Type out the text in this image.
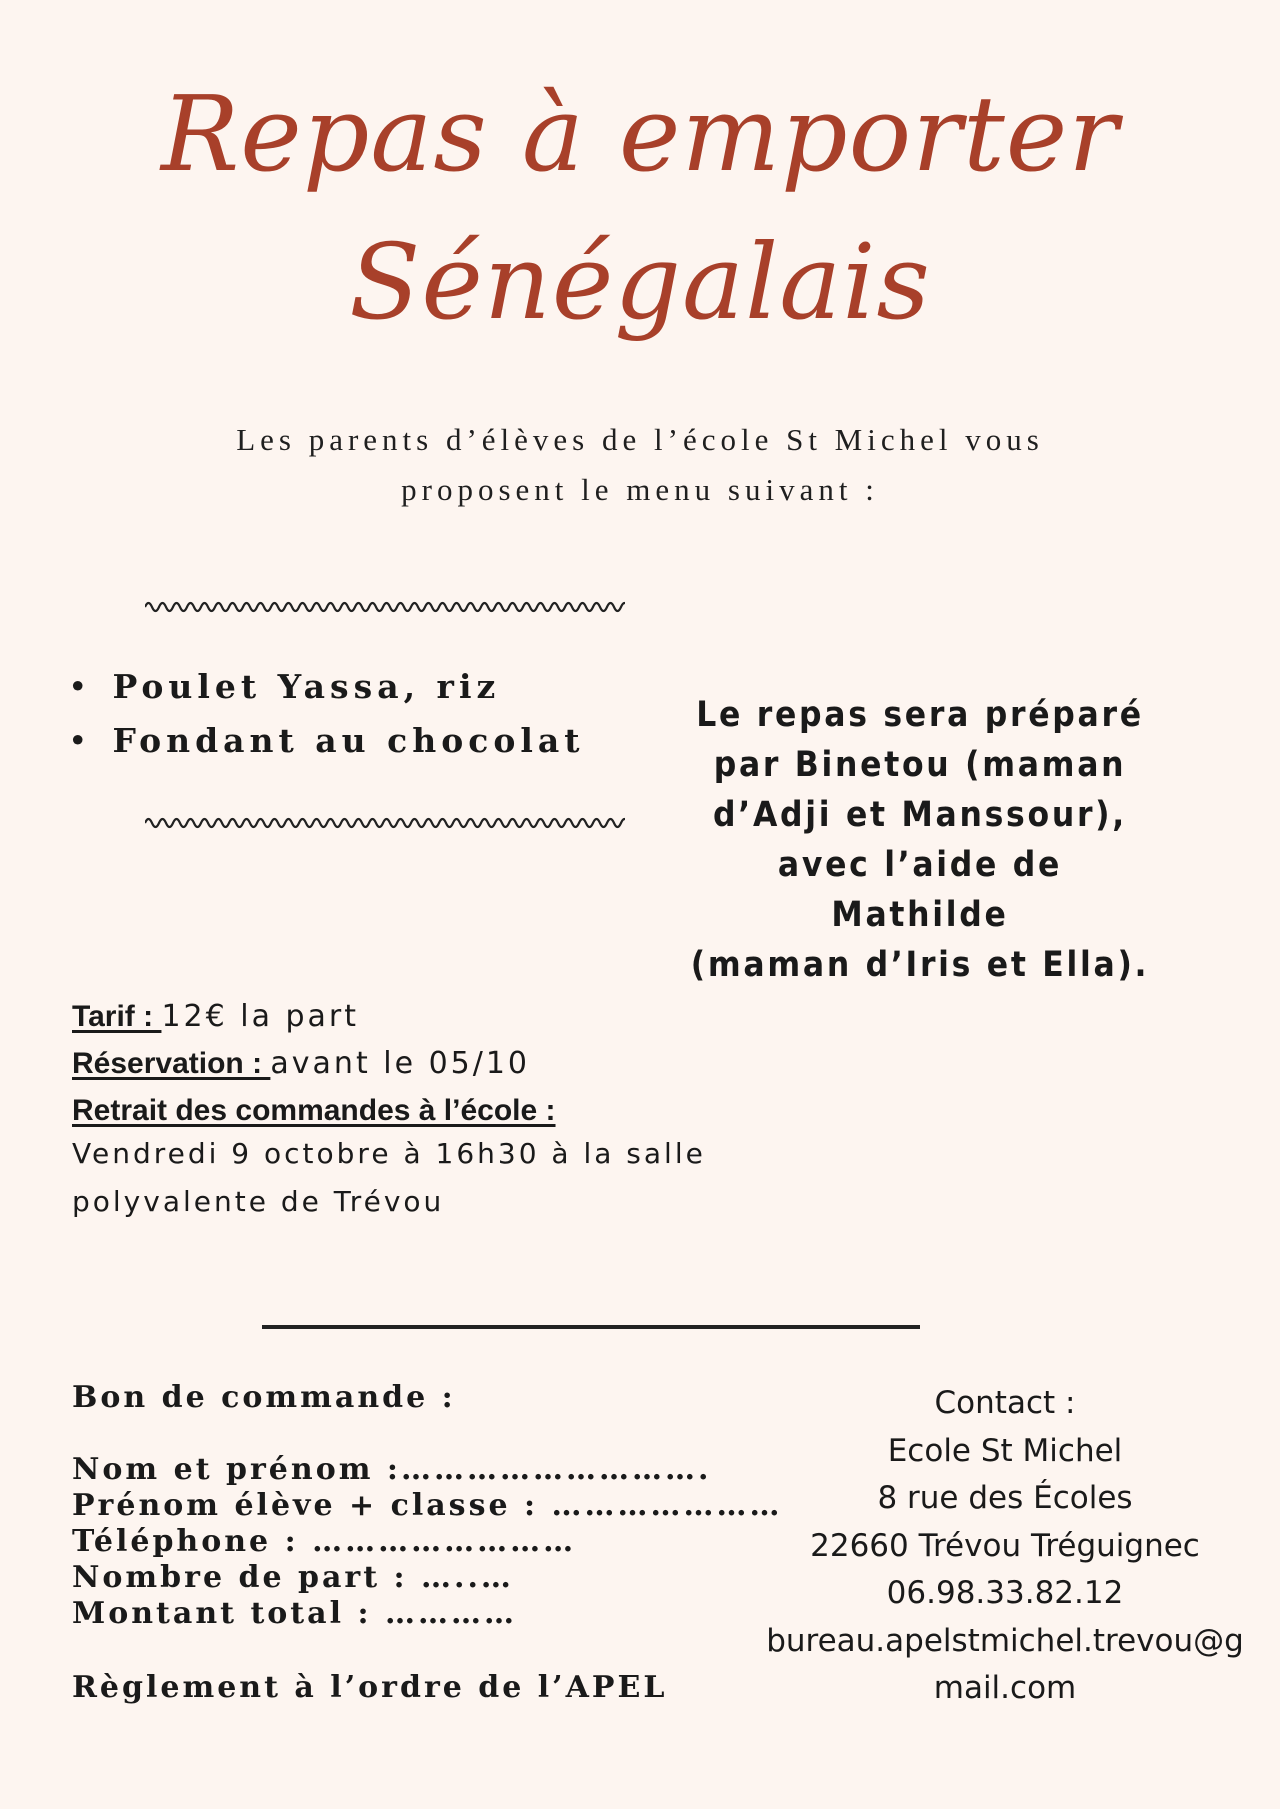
Repas à emporter
Sénégalais
Les parents d’élèves de l’école St Michel vous
proposent le menu suivant :
• Poulet Yassa, riz
• Fondant au chocolat
Le repas sera préparé
par Binetou (maman
d’Adji et Manssour),
avec l’aide de Mathilde
(maman d’Iris et Ella).
Tarif : 12€ la part
Réservation : avant le 05/10
Retrait des commandes à l’école :
Vendredi 9 octobre à 16h30 à la salle
polyvalente de Trévou
Bon de commande :
Nom et prénom :……………………….
Prénom élève + classe : …………………
Téléphone : ……………………
Nombre de part : …..…
Montant total : …………
Règlement à l’ordre de l’APEL
Contact :
Ecole St Michel
8 rue des Écoles
22660 Trévou Tréguignec
06.98.33.82.12
bureau.apelstmichel.trevou@gmail.com
